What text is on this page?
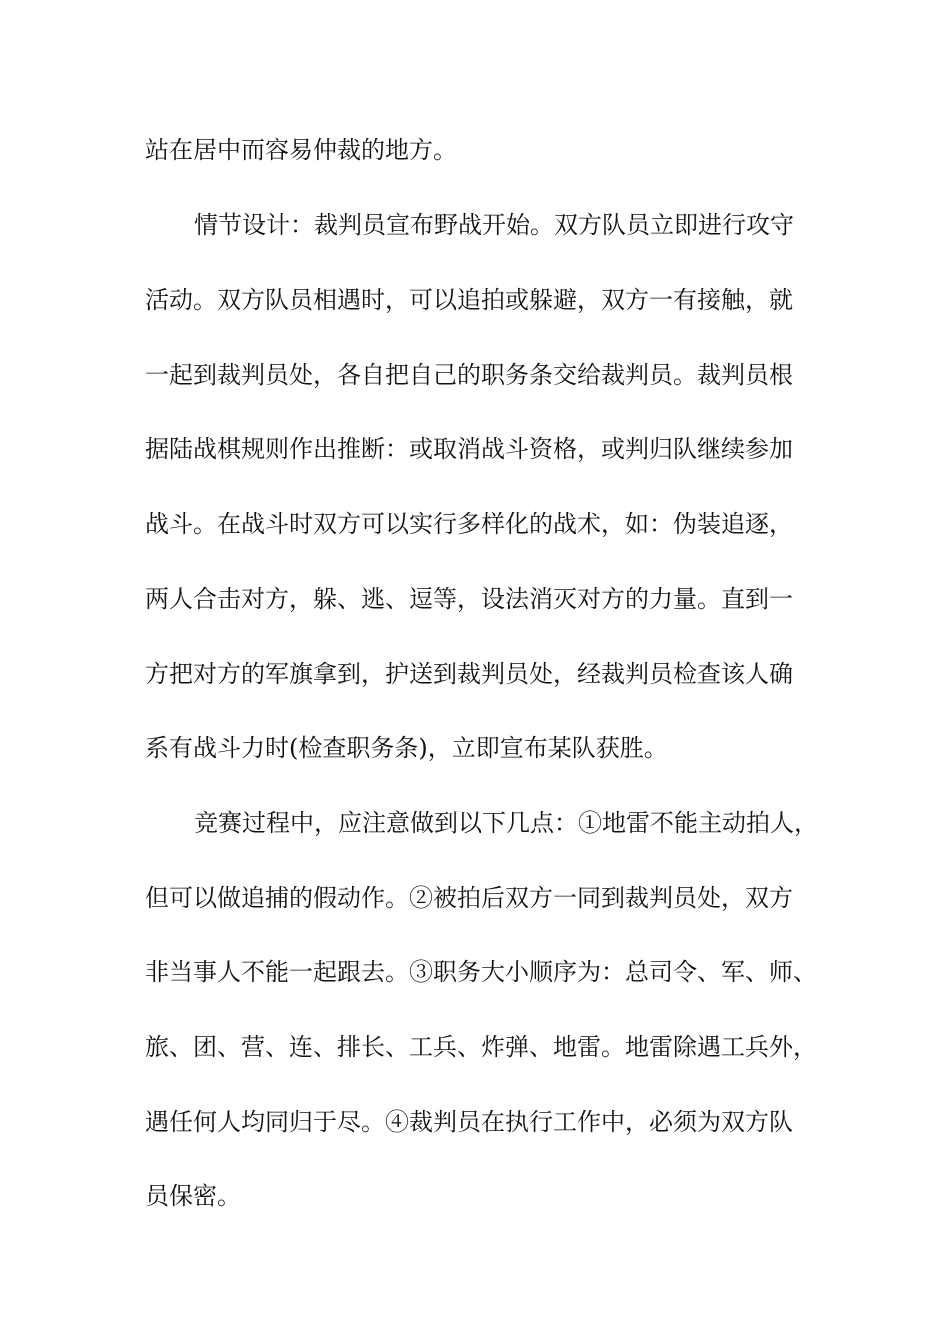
站在居中而容易仲裁的地方。
情节设计：裁判员宣布野战开始。双方队员立即进行攻守
活动。双方队员相遇时，可以追拍或躲避，双方一有接触，就
一起到裁判员处，各自把自己的职务条交给裁判员。裁判员根
据陆战棋规则作出推断：或取消战斗资格，或判归队继续参加
战斗。在战斗时双方可以实行多样化的战术，如：伪装追逐，
两人合击对方，躲、逃、逗等，设法消灭对方的力量。直到一
方把对方的军旗拿到，护送到裁判员处，经裁判员检查该人确
系有战斗力时(检查职务条)，立即宣布某队获胜。
竞赛过程中，应注意做到以下几点：①地雷不能主动拍人，
但可以做追捕的假动作。②被拍后双方一同到裁判员处，双方
非当事人不能一起跟去。③职务大小顺序为：总司令、军、师、
旅、团、营、连、排长、工兵、炸弹、地雷。地雷除遇工兵外，
遇任何人均同归于尽。④裁判员在执行工作中，必须为双方队
员保密。
